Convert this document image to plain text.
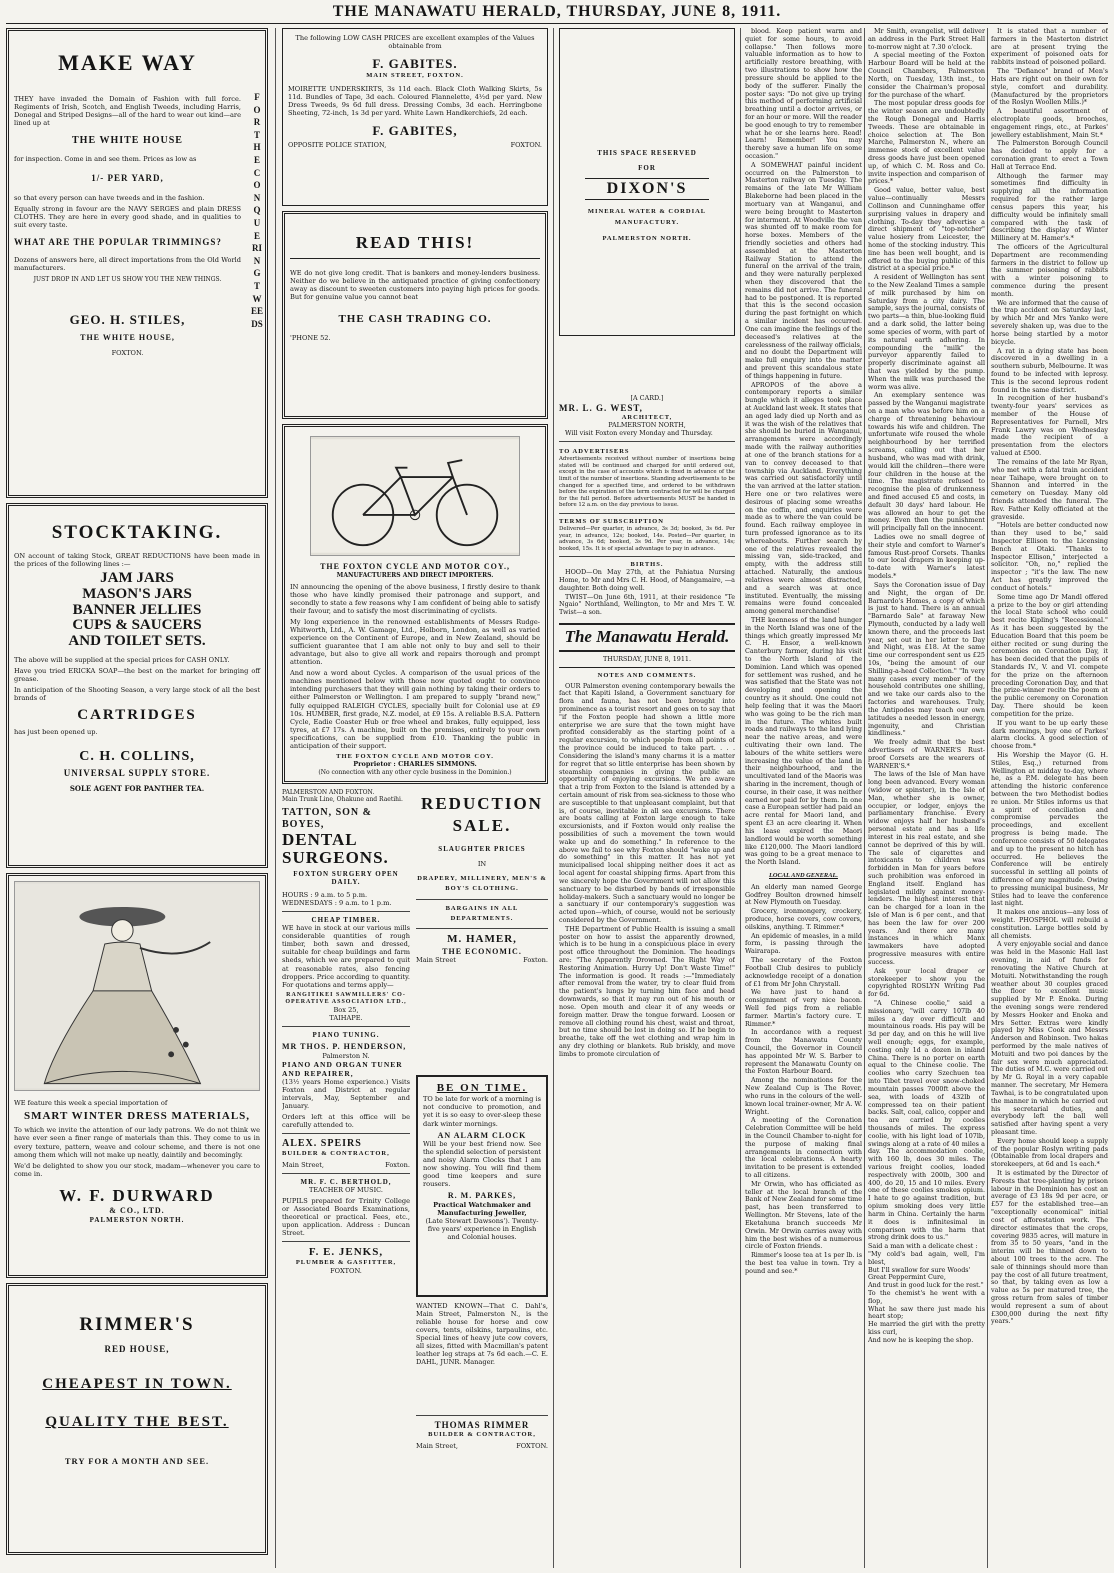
THE MANAWATU HERALD, THURSDAY, JUNE 8, 1911.
MAKE WAY

THEY have invaded the Domain of Fashion with full force. Regiments of Irish, Scotch, and English Tweeds, including Harris, Donegal and Striped Designs—all of the hard to wear out kind—are lined up at

THE WHITE HOUSE

for inspection. Come in and see them. Prices as low as

1/- PER YARD,

so that every person can have tweeds and in the fashion.

Equally strong in favour are the NAVY SERGES and plain DRESS CLOTHS. They are here in every good shade, and in qualities to suit every taste.

WHAT ARE THE POPULAR TRIMMINGS?

Dozens of answers here, all direct importations from the Old World manufacturers.

JUST DROP IN AND LET US SHOW YOU THE NEW THINGS.
FOR THE CONQUERING TWEEDS
GEO. H. STILES,
THE WHITE HOUSE,
FOXTON.
STOCKTAKING.

ON account of taking Stock, GREAT REDUCTIONS have been made in the prices of the following lines :—

JAM JARS
MASON'S JARS
BANNER JELLIES
CUPS & SAUCERS
AND TOILET SETS.

The above will be supplied at the special prices for CASH ONLY.

Have you tried ERICKA SOAP—the best on the market for bringing off grease.

In anticipation of the Shooting Season, a very large stock of all the best brands of

CARTRIDGES

has just been opened up.

C. H. COLLINS,
UNIVERSAL SUPPLY STORE.
SOLE AGENT FOR PANTHER TEA.

WE feature this week a special importation of

SMART WINTER DRESS MATERIALS,

To which we invite the attention of our lady patrons. We do not think we have ever seen a finer range of materials than this. They come to us in every texture, pattern, weave and colour scheme, and there is not one among them which will not make up neatly, daintily and becomingly.

We'd be delighted to show you our stock, madam—whenever you care to come in.

W. F. DURWARD
& CO., LTD.
PALMERSTON NORTH.
RIMMER'S
RED HOUSE,
CHEAPEST IN TOWN.
QUALITY THE BEST.
TRY FOR A MONTH AND SEE.
The following LOW CASH PRICES are excellent examples of the Values obtainable from
F. GABITES.
MAIN STREET, FOXTON.

MOIRETTE UNDERSKIRTS, 3s 11d each. Black Cloth Walking Skirts, 5s 11d. Bundles of Tape, 3d each. Coloured Flannelette, 4½d per yard. New Dress Tweeds, 9s 6d full dress. Dressing Combs, 3d each. Herringbone Sheeting, 72-inch, 1s 3d per yard. White Lawn Handkerchiefs, 2d each.

F. GABITES,
OPPOSITE POLICE STATION,	FOXTON.
READ THIS!

WE do not give long credit. That is bankers and money-lenders business. Neither do we believe in the antiquated practice of giving confectionery away as discount to sweeten customers into paying high prices for goods. But for genuine value you cannot beat

THE CASH TRADING CO.
'PHONE 52.
THE FOXTON CYCLE AND MOTOR COY.,
MANUFACTURERS AND DIRECT IMPORTERS.

IN announcing the opening of the above business, I firstly desire to thank those who have kindly promised their patronage and support, and secondly to state a few reasons why I am confident of being able to satisfy their favour, and to satisfy the most discriminating of cyclists.

My long experience in the renowned establishments of Messrs Rudge-Whitworth, Ltd., A. W. Gamage, Ltd., Holborn, London, as well as varied experience on the Continent of Europe, and in New Zealand, should be sufficient guarantee that I am able not only to buy and sell to their advantage, but also to give all work and repairs thorough and prompt attention.

And now a word about Cycles. A comparison of the usual prices of the machines mentioned below with those now quoted ought to convince intending purchasers that they will gain nothing by taking their orders to either Palmerston or Wellington. I am prepared to supply "brand new," fully equipped RALEIGH CYCLES, specially built for Colonial use at £9 10s. HUMBER, first grade, N.Z. model, at £9 15s. A reliable B.S.A. Pattern Cycle, Eadie Coaster Hub or free wheel and brakes, fully equipped, less tyres, at £7 17s. A machine, built on the premises, entirely to your own specifications, can be supplied from £10. Thanking the public in anticipation of their support.

THE FOXTON CYCLE AND MOTOR COY.
Proprietor : CHARLES SIMMONS.
(No connection with any other cycle business in the Dominion.)
PALMERSTON AND FOXTON.
Main Trunk Line, Ohakune and Raetihi.
TATTON, SON & BOYES,
DENTAL SURGEONS.
FOXTON SURGERY OPEN DAILY.
HOURS : 9 a.m. to 5 p.m.
WEDNESDAYS : 9 a.m. to 1 p.m.
CHEAP TIMBER.

WE have in stock at our various mills considerable quantities of rough timber, both sawn and dressed, suitable for cheap buildings and farm sheds, which we are prepared to quit at reasonable rates, also fencing droppers. Price according to quantity. For quotations and terms apply—

RANGITIKEI SAWMILLERS' CO-OPERATIVE ASSOCIATION LTD.,
Box 25,
TAIHAPE.
PIANO TUNING.
MR THOS. P. HENDERSON,
Palmerston N.
PIANO AND ORGAN TUNER AND REPAIRER,

(13½ years Home experience.) Visits Foxton and District at regular intervals, May, September and January.

Orders left at this office will be carefully attended to.

ALEX. SPEIRS
BUILDER & CONTRACTOR,
Main Street,	Foxton.
MR. F. C. BERTHOLD,
TEACHER OF MUSIC.

PUPILS prepared for Trinity College or Associated Boards Examinations, theoretical or practical. Fees, etc., upon application. Address : Duncan Street.

F. E. JENKS,
PLUMBER & GASFITTER,
FOXTON.
REDUCTION SALE.
SLAUGHTER PRICES
IN
DRAPERY, MILLINERY, MEN'S & BOY'S CLOTHING.
BARGAINS IN ALL DEPARTMENTS.
M. HAMER,
THE ECONOMIC.
Main Street	Foxton.
BE ON TIME.

TO be late for work of a morning is not conducive to promotion, and yet it is so easy to over-sleep these dark winter mornings.

AN ALARM CLOCK

Will be your best friend now. See the splendid selection of persistent and noisy Alarm Clocks that I am now showing. You will find them good time keepers and sure rousers.

R. M. PARKES,
Practical Watchmaker and Manufacturing Jeweller,
(Late Stewart Dawsons'). Twenty-five years' experience in English and Colonial houses.

WANTED KNOWN—That C. Dahl's, Main Street, Palmerston N., is the reliable house for horse and cow covers, tents, oilskins, tarpaulins, etc. Special lines of heavy jute cow covers, all sizes, fitted with Macmillan's patent leather leg straps at 7s 6d each.—C. E. DAHL, JUNR. Manager.

THOMAS RIMMER
BUILDER & CONTRACTOR,
Main Street,	FOXTON.
THIS SPACE RESERVED
FOR
DIXON'S
MINERAL WATER & CORDIAL MANUFACTURY.
PALMERSTON NORTH.
[A CARD.]
MR. L. G. WEST,
ARCHITECT,
PALMERSTON NORTH,

Will visit Foxton every Monday and Thursday.

TO ADVERTISERS
Advertisements received without number of insertions being stated will be continued and charged for until ordered out, except in the case of accounts which is fixed in advance of the limit of the number of insertions. Standing advertisements to be changed for a specified time, and ordered to be withdrawn before the expiration of the term contracted for will be charged for the full period. Before advertisements MUST be handed in before 12 a.m. on the day previous to issue.
TERMS OF SUBSCRIPTION
Delivered—Per quarter, in advance, 3s 3d; booked, 3s 6d. Per year, in advance, 12s; booked, 14s. Posted—Per quarter, in advance, 3s 6d; booked, 3s 9d. Per year, in advance, 14s; booked, 15s. It is of special advantage to pay in advance.
BIRTHS.

HOOD—On May 27th, at the Pahiatua Nursing Home, to Mr and Mrs C. H. Hood, of Mangamaire, —a daughter. Both doing well.

TWIST—On June 6th, 1911, at their residence "Te Ngaio" Northland, Wellington, to Mr and Mrs T. W. Twist—a son.

The Manawatu Herald.
THURSDAY, JUNE 8, 1911.
NOTES AND COMMENTS.

OUR Palmerston evening contemporary bewails the fact that Kapiti Island, a Government sanctuary for flora and fauna, has not been brought into prominence as a tourist resort and goes on to say that "if the Foxton people had shown a little more enterprise we are sure that the town might have profited considerably as the starting point of a regular excursion, to which people from all points of the province could be induced to take part. . . . Considering the island's many charms it is a matter for regret that so little enterprise has been shown by steamship companies in giving the public an opportunity of enjoying excursions. We are aware that a trip from Foxton to the Island is attended by a certain amount of risk from sea-sickness to those who are susceptible to that unpleasant complaint, but that is, of course, inevitable in all sea excursions. There are boats calling at Foxton large enough to take excursionists, and if Foxton would only realise the possibilities of such a movement the town would wake up and do something." In reference to the above we fail to see why Foxton should "wake up and do something" in this matter. It has not yet municipalised local shipping neither does it act as local agent for coastal shipping firms. Apart from this we sincerely hope the Government will not allow this sanctuary to be disturbed by bands of irresponsible holiday-makers. Such a sanctuary would no longer be a sanctuary if our contemporary's suggestion was acted upon—which, of course, would not be seriously considered by the Government.

THE Department of Public Health is issuing a small poster on how to assist the apparently drowned, which is to be hung in a conspicuous place in every post office throughout the Dominion. The headings are: "The Apparently Drowned. The Right Way of Restoring Animation. Hurry Up! Don't Waste Time!" The information is good. It reads :—"Immediately after removal from the water, try to clear fluid from the patient's lungs by turning him face and head downwards, so that it may run out of his mouth or nose. Open mouth and clear it of any weeds or foreign matter. Draw the tongue forward. Loosen or remove all clothing round his chest, waist and throat, but no time should be lost in doing so. If he begin to breathe, take off the wet clothing and wrap him in any dry clothing or blankets. Rub briskly, and move limbs to promote circulation of

blood. Keep patient warm and quiet for some hours, to avoid collapse." Then follows more valuable information as to how to artificially restore breathing, with two illustrations to show how the pressure should be applied to the body of the sufferer. Finally the poster says: "Do not give up trying this method of performing artificial breathing until a doctor arrives, or for an hour or more. Will the reader be good enough to try to remember what he or she learns here. Read! Learn! Remember! You may thereby save a human life on some occasion."

A SOMEWHAT painful incident occurred on the Palmerston to Masterton railway on Tuesday. The remains of the late Mr William Blakeborne had been placed in the mortuary van at Wanganui, and were being brought to Masterton for interment. At Woodville the van was shunted off to make room for horse boxes. Members of the friendly societies and others had assembled at the Masterton Railway Station to attend the funeral on the arrival of the train, and they were naturally perplexed when they discovered that the remains did not arrive. The funeral had to be postponed. It is reported that this is the second occasion during the past fortnight on which a similar incident has occurred. One can imagine the feelings of the deceased's relatives at the carelessness of the railway officials, and no doubt the Department will make full enquiry into the matter and prevent this scandalous state of things happening in future.

APROPOS of the above a contemporary reports a similar bungle which it alleges took place at Auckland last week. It states that an aged lady died up North and as it was the wish of the relatives that she should be buried in Wanganui, arrangements were accordingly made with the railway authorities at one of the branch stations for a van to convey deceased to that township via Auckland. Everything was carried out satisfactorily until the van arrived at the latter station. Here one or two relatives were desirous of placing some wreaths on the coffin, and enquiries were made as to where the van could be found. Each railway employee in turn professed ignorance as to its whereabouts. Further search by one of the relatives revealed the missing van, side-tracked, and empty, with the address still attached. Naturally, the anxious relatives were almost distracted, and a search was at once instituted. Eventually, the missing remains were found concealed among general merchandise!

THE keenness of the land hunger in the North Island was one of the things which greatly impressed Mr C. H. Ensor, a well-known Canterbury farmer, during his visit to the North Island of the Dominion. Land which was opened for settlement was rushed, and he was satisfied that the State was not developing and opening the country as it should. One could not help feeling that it was the Maori who was going to be the rich man in the future. The whites built roads and railways to the land lying near the native areas, and were cultivating their own land. The labours of the white settlers were increasing the value of the land in their neighbourhood, and the uncultivated land of the Maoris was sharing in the increment, though of course, in their case, it was neither earned nor paid for by them. In one case a European settler had paid an acre rental for Maori land, and spent £3 an acre clearing it. When his lease expired the Maori landlord would be worth something like £120,000. The Maori landlord was going to be a great menace to the North Island.

LOCAL AND GENERAL.

An elderly man named George Godfrey Boulton drowned himself at New Plymouth on Tuesday.

Grocery, ironmongery, crockery, produce, horse covers, cow covers, oilskins, anything. T. Rimmer.*

An epidemic of measles, in a mild form, is passing through the Wairarapa.

The secretary of the Foxton Football Club desires to publicly acknowledge receipt of a donation of £1 from Mr John Chrystall.

We have just to hand a consignment of very nice bacon. Well fed pigs from a reliable farmer. Martin's factory cure. T. Rimmer.*

In accordance with a request from the Manawatu County Council, the Governor in Council has appointed Mr W. S. Barber to represent the Manawatu County on the Foxton Harbour Board.

Among the nominations for the New Zealand Cup is The Rover, who runs in the colours of the well-known local trainer-owner, Mr A. W. Wright.

A meeting of the Coronation Celebration Committee will be held in the Council Chamber to-night for the purpose of making final arrangements in connection with the local celebrations. A hearty invitation to be present is extended to all citizens.

Mr Orwin, who has officiated as teller at the local branch of the Bank of New Zealand for some time past, has been transferred to Wellington. Mr Stevens, late of the Eketahuna branch succeeds Mr Orwin. Mr Orwin carries away with him the best wishes of a numerous circle of Foxton friends.

Rimmer's loose tea at 1s per lb. is the best tea value in town. Try a pound and see.*

It is stated that a number of farmers in the Masterton district are at present trying the experiment of poisoned oats for rabbits instead of poisoned pollard.

The "Defiance" brand of Men's Hats are right out on their own for style, comfort and durability. (Manufactured by the proprietors of the Roslyn Woollen Mills.)*

A beautiful assortment of electroplate goods, brooches, engagement rings, etc., at Parkes' jewellery establishment, Main St.*

The Palmerston Borough Council has decided to apply for a coronation grant to erect a Town Hall at Terrace End.

Although the farmer may sometimes find difficulty in supplying all the information required for the rather large census papers this year, his difficulty would be infinitely small compared with the task of describing the display of Winter Millinery at M. Hamer's.*

The officers of the Agricultural Department are recommending farmers in the district to follow up the summer poisoning of rabbits with a winter poisoning to commence during the present month.

We are informed that the cause of the trap accident on Saturday last, by which Mr and Mrs Yanko were severely shaken up, was due to the horse being startled by a motor bicycle.

A rat in a dying state has been discovered in a dwelling in a southern suburb, Melbourne. It was found to be infected with leprosy. This is the second leprous rodent found in the same district.

In recognition of her husband's twenty-four years' services as member of the House of Representatives for Parnell, Mrs Frank Lawry was on Wednesday made the recipient of a presentation from the electors valued at £500.

The remains of the late Mr Ryan, who met with a fatal train accident near Taihape, were brought on to Shannon and interred in the cemetery on Tuesday. Many old friends attended the funeral. The Rev. Father Kelly officiated at the graveside.

"Hotels are better conducted now than they used to be," said Inspector Ellison to the Licensing Bench at Otaki. "Thanks to Inspector Ellison," interjected a solicitor. "Oh, no," replied the inspector ; "it's the law. The new Act has greatly improved the conduct of hotels."

Some time ago Dr Mandl offered a prize to the boy or girl attending the local State school who could best recite Kipling's "Recessional." As it has been suggested by the Education Board that this poem be either recited or sung during the ceremonies on Coronation Day, it has been decided that the pupils of Standards IV., V. and VI. compete for the prize on the afternoon preceding Coronation Day, and that the prize-winner recite the poem at the public ceremony on Coronation Day. There should be keen competition for the prize.

If you want to be up early these dark mornings, buy one of Parkes' alarm clocks. A good selection of choose from.*

His Worship the Mayor (G. H. Stiles, Esq.,) returned from Wellington at midday to-day, where he, as a P.M. delegate has been attending the historic conference between the two Methodist bodies re union. Mr Stiles informs us that a spirit of conciliation and compromise pervades the proceedings, and excellent progress is being made. The conference consists of 50 delegates and up to the present no hitch has occurred. He believes the Conference will be entirely successful in settling all points of difference of any magnitude. Owing to pressing municipal business, Mr Stiles had to leave the conference last night.

It makes one anxious—any loss of weight. PHOSPHOL will rebuild a constitution. Large bottles sold by all chemists.

A very enjoyable social and dance was held in the Masonic Hall last evening, in aid of funds for renovating the Native Church at Motuiti. Notwithstanding the rough weather about 30 couples graced the floor to excellent music supplied by Mr P. Enoka. During the evening songs were rendered by Messrs Hooker and Enoka and Mrs Setter. Extras were kindly played by Miss Cook and Messrs Anderson and Robinson. Two hakas performed by the male natives of Motuiti and two poi dances by the fair sex were much appreciated. The duties of M.C. were carried out by Mr G. Royal in a very capable manner. The secretary, Mr Hemera Tawhai, is to be congratulated upon the manner in which he carried out his secretarial duties, and everybody left the ball well satisfied after having spent a very pleasant time.

Every home should keep a supply of the popular Roslyn writing pads (Obtainable from local drapers and storekeepers, at 6d and 1s each.*

It is estimated by the Director of Forests that tree-planting by prison labour in the Dominion has cost an average of £3 18s 9d per acre, or £57 for the established tree—an "exceptionally economical" initial cost of afforestation work. The director estimates that the crops, covering 9835 acres, will mature in from 35 to 50 years, "and in the interim will be thinned down to about 100 trees to the acre. The sale of thinnings should more than pay the cost of all future treatment, so that, by taking even as low a value as 5s per matured tree, the gross return from sales of timber would represent a sum of about £300,000 during the next fifty years."

Mr Smith, evangelist, will deliver an address in the Park Street Hall to-morrow night at 7.30 o'clock.

A special meeting of the Foxton Harbour Board will be held at the Council Chambers, Palmerston North, on Tuesday, 13th inst., to consider the Chairman's proposal for the purchase of the wharf.

The most popular dress goods for the winter season are undoubtedly the Rough Donegal and Harris Tweeds. These are obtainable in choice selection at The Bon Marche, Palmerston N., where an immense stock of excellent value dress goods have just been opened up, of which C. M. Ross and Co. invite inspection and comparison of prices.*

Good value, better value, best value—continually Messrs Collinson and Cunninghame offer surprising values in drapery and clothing. To-day they advertise a direct shipment of "top-notcher" value hosiery from Leicester, the home of the stocking industry. This line has been well bought, and is offered to the buying public of this district at a special price.*

A resident of Wellington has sent to the New Zealand Times a sample of milk purchased by him on Saturday from a city dairy. The sample, says the journal, consists of two parts—a thin, blue-looking fluid and a dark solid, the latter being some species of worm, with part of its natural earth adhering. In compounding the "milk" the purveyor apparently failed to properly discriminate against all that was yielded by the pump. When the milk was purchased the worm was alive.

An exemplary sentence was passed by the Wanganui magistrate on a man who was before him on a charge of threatening behaviour towards his wife and children. The unfortunate wife roused the whole neighbourhood by her terrified screams, calling out that her husband, who was mad with drink, would kill the children—there were four children in the house at the time. The magistrate refused to recognise the plea of drunkenness and fined accused £5 and costs, in default 30 days' hard labour. He was allowed an hour to get the money. Even then the punishment will principally fall on the innocent.

Ladies owe no small degree of their style and comfort to Warner's famous Rust-proof Corsets. Thanks to our local drapers in keeping up-to-date with Warner's latest models.*

Says the Coronation issue of Day and Night, the organ of Dr. Barnardo's Homes, a copy of which is just to hand. There is an annual "Barnardo Sale" at faraway New Plymouth, conducted by a lady well known there, and the proceeds last year, set out in her letter to Day and Night, was £18. At the same time our correspondent sent us £25 10s, "being the amount of our Shilling-a-head Collection." "In very many cases every member of the household contributes one shilling, and we take our cards also to the factories and warehouses. Truly, the Antipodes may teach our own latitudes a needed lesson in energy, ingenuity, and Christian kindliness."

We freely admit that the best advertisers of WARNER'S Rust-proof Corsets are the wearers of WARNER'S.*

The laws of the Isle of Man have long been advanced. Every woman (widow or spinster), in the Isle of Man, whether she is owner, occupier, or lodger, enjoys the parliamentary franchise. Every widow enjoys half her husband's personal estate and has a life interest in his real estate, and she cannot be deprived of this by will. The sale of cigarettes and intoxicants to children was forbidden in Man for years before such prohibition was enforced in England itself. England has legislated mildly against money-lenders. The highest interest that can be charged for a loan in the Isle of Man is 6 per cent., and that has been the law for over 200 years. And there are many instances in which Manx lawmakers have adopted progressive measures with entire success.

Ask your local draper or storekeeper to show you the copyrighted ROSLYN Writing Pad for 6d.

"A Chinese coolie," said a missionary, "will carry 107lb 40 miles a day over difficult and mountainous roads. His pay will be 3d per day, and on this he will live well enough; eggs, for example, costing only 1d a dozen in inland China. There is no porter on earth equal to the Chinese coolie. The coolies who carry Szechuen tea into Tibet travel over snow-choked mountain passes 7000ft above the sea, with loads of 432lb of compressed tea on their patient backs. Salt, coal, calico, copper and tea are carried by coolies thousands of miles. The express coolie, with his light load of 107lb, swings along at a rate of 40 miles a day. The accommodation coolie, with 160 lb, does 30 miles. The various freight coolies, loaded respectively with 200lb, 300 and 400, do 20, 15 and 10 miles. Every one of these coolies smokes opium. I hate to go against tradition, but opium smoking does very little harm in China. Certainly the harm it does is infinitesimal in comparison with the harm that strong drink does to us."

Said a man with a delicate chest :
"My cold's bad again, well, I'm blest,
But I'll swallow for sure Woods'
Great Peppermint Cure,
And trust in good luck for the rest."
To the chemist's he went with a flop,
What he saw there just made his heart stop;
He married the girl with the pretty kiss curl,
And now he is keeping the shop.
